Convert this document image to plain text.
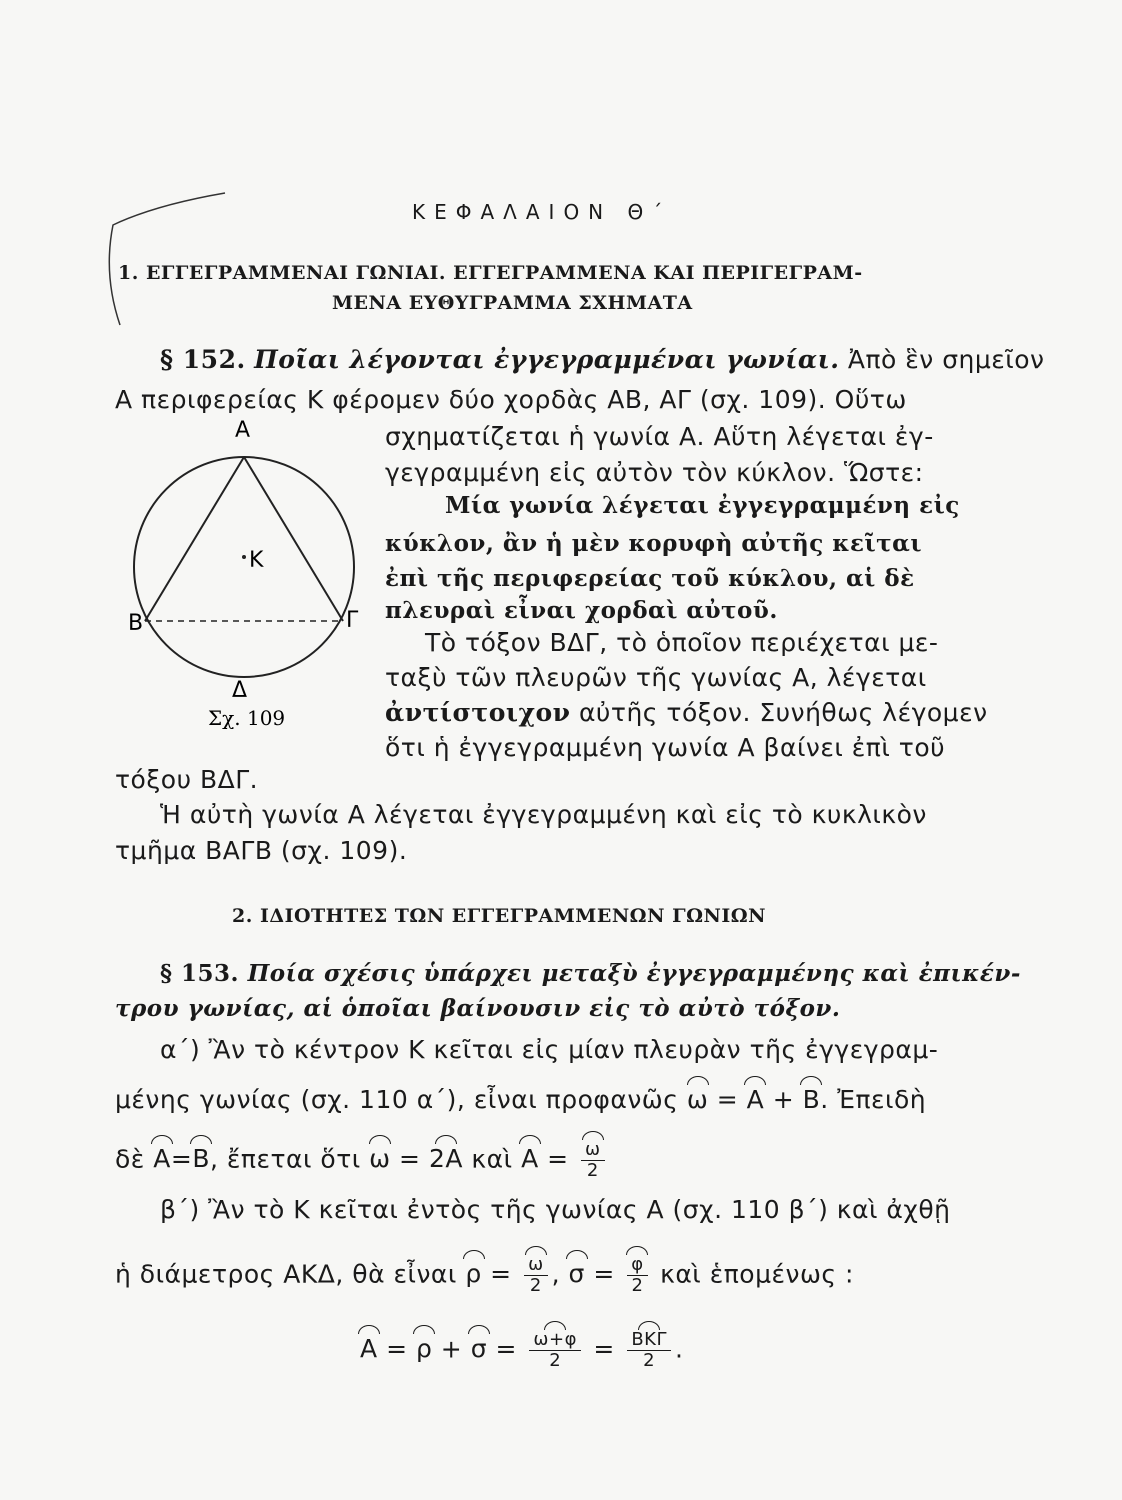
ΚΕΦΑΛΑΙΟΝ Θ΄
1. ΕΓΓΕΓΡΑΜΜΕΝΑΙ ΓΩΝΙΑΙ. ΕΓΓΕΓΡΑΜΜΕΝΑ ΚΑΙ ΠΕΡΙΓΕΓΡΑΜ-
ΜΕΝΑ ΕΥΘΥΓΡΑΜΜΑ ΣΧΗΜΑΤΑ
§ 152. Ποῖαι λέγονται ἐγγεγραμμέναι γωνίαι. Ἀπὸ ἓν σημεῖον
Α περιφερείας Κ φέρομεν δύο χορδὰς ΑΒ, ΑΓ (σχ. 109). Οὕτω
σχηματίζεται ἡ γωνία Α. Αὕτη λέγεται ἐγ-
γεγραμμένη εἰς αὐτὸν τὸν κύκλον. Ὥστε:
Μία γωνία λέγεται ἐγγεγραμμένη εἰς
κύκλον, ἂν ἡ μὲν κορυφὴ αὐτῆς κεῖται
ἐπὶ τῆς περιφερείας τοῦ κύκλου, αἱ δὲ
πλευραὶ εἶναι χορδαὶ αὐτοῦ.
Τὸ τόξον ΒΔΓ, τὸ ὁποῖον περιέχεται με-
ταξὺ τῶν πλευρῶν τῆς γωνίας Α, λέγεται
ἀντίστοιχον αὐτῆς τόξον. Συνήθως λέγομεν
ὅτι ἡ ἐγγεγραμμένη γωνία Α βαίνει ἐπὶ τοῦ
τόξου ΒΔΓ.
Ἡ αὐτὴ γωνία Α λέγεται ἐγγεγραμμένη καὶ εἰς τὸ κυκλικὸν
τμῆμα ΒΑΓΒ (σχ. 109).
Α
Β	Γ
Δ
Κ
Σχ. 109
2. ΙΔΙΟΤΗΤΕΣ ΤΩΝ ΕΓΓΕΓΡΑΜΜΕΝΩΝ ΓΩΝΙΩΝ
§ 153. Ποία σχέσις ὑπάρχει μεταξὺ ἐγγεγραμμένης καὶ ἐπικέν-
τρου γωνίας, αἱ ὁποῖαι βαίνουσιν εἰς τὸ αὐτὸ τόξον.
α΄) Ἂν τὸ κέντρον Κ κεῖται εἰς μίαν πλευρὰν τῆς ἐγγεγραμ-
μένης γωνίας (σχ. 110 α΄), εἶναι προφανῶς ω = Α + Β. Ἐπειδὴ
δὲ Α=Β, ἔπεται ὅτι ω = 2Α καὶ $A = \frac{\omega}{2}$
β΄) Ἂν τὸ Κ κεῖται ἐντὸς τῆς γωνίας Α (σχ. 110 β΄) καὶ ἀχθῇ
ἡ διάμετρος ΑΚΔ, θὰ εἶναι $\rho = \frac{\omega}{2}$ , $\sigma = \frac{\varphi}{2}$ καὶ ἑπομένως :
$A = \rho + \sigma = \frac{\omega+\varphi}{2} = \frac{\text{ΒΚΓ}}{2}$ .
